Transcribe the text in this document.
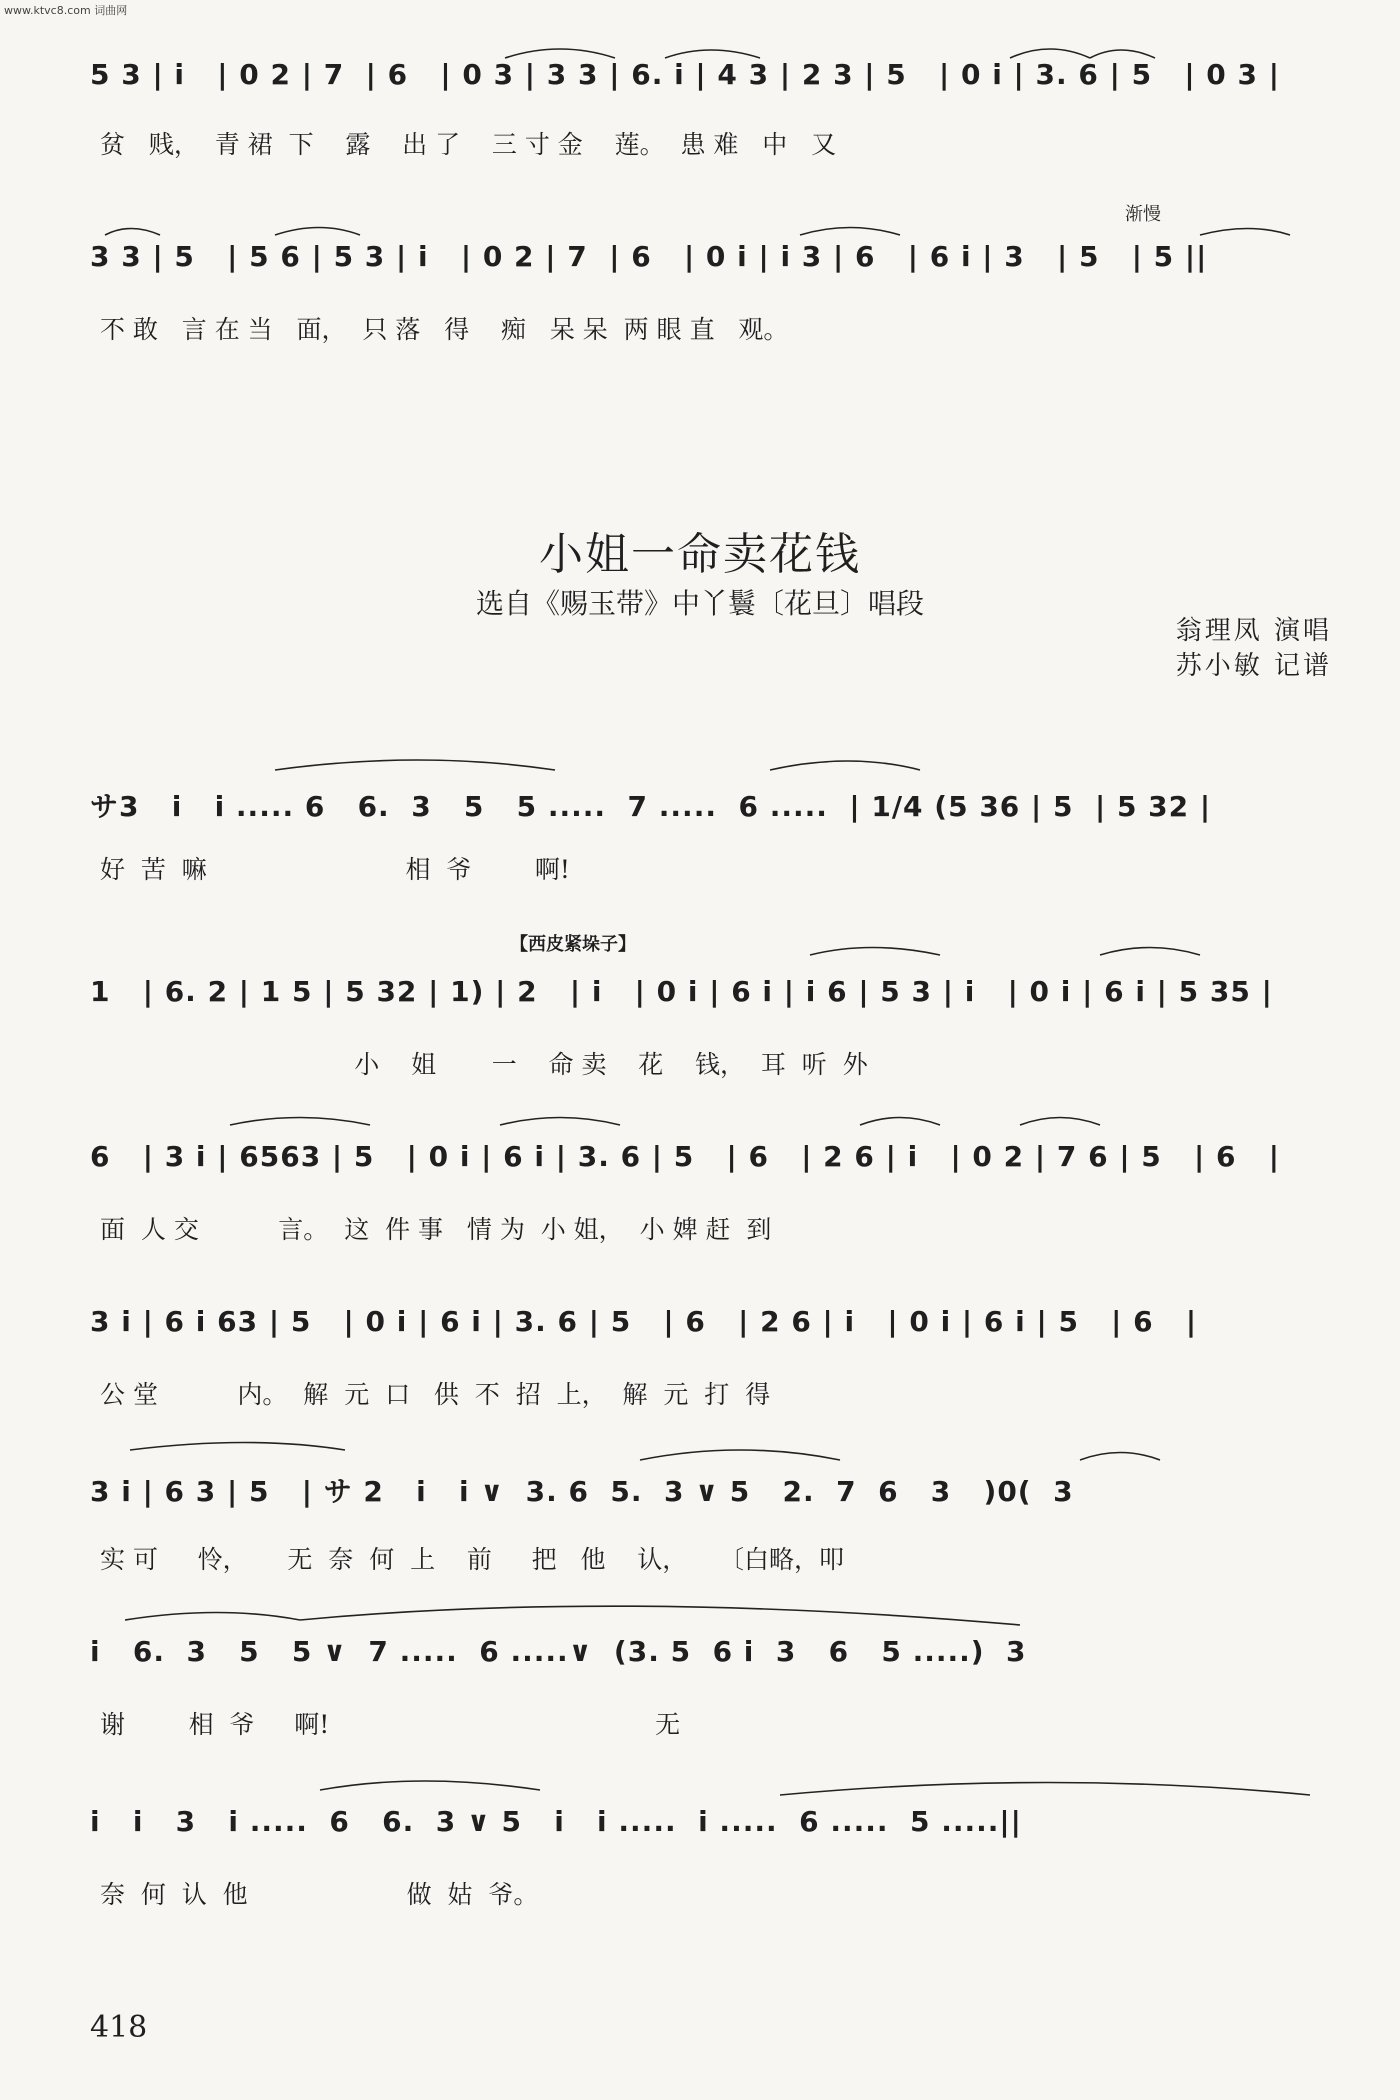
www.ktvc8.com 词曲网
5 3 | i   | 0 2 | 7  | 6   | 0 3 | 3 3 | 6. i | 4 3 | 2 3 | 5   | 0 i | 3. 6 | 5   | 0 3 |
贫   贱，  青 裙  下    露    出 了    三 寸 金    莲。  患 难   中   又
渐慢
3 3 | 5   | 5 6 | 5 3 | i   | 0 2 | 7  | 6   | 0 i | i 3 | 6   | 6 i | 3   | 5   | 5 ||
不 敢   言 在 当   面，  只 落   得    痴   呆 呆  两 眼 直   观。
小姐一命卖花钱
选自《赐玉带》中丫鬟〔花旦〕唱段
翁理凤 演唱
苏小敏 记谱
サ3   i   i ..... 6   6.  3   5   5 .....  7 .....  6 .....  | 1/4 (5 36 | 5  | 5 32 |
好  苦  嘛                         相  爷        啊!
【西皮紧垛子】
1   | 6. 2 | 1 5 | 5 32 | 1) | 2   | i   | 0 i | 6 i | i 6 | 5 3 | i   | 0 i | 6 i | 5 35 |
小    姐       一    命 卖    花    钱，  耳  听  外
6   | 3 i | 6563 | 5   | 0 i | 6 i | 3. 6 | 5   | 6   | 2 6 | i   | 0 2 | 7 6 | 5   | 6   |
面  人 交          言。  这  件 事   情 为  小 姐，  小 婢 赶  到
3 i | 6 i 63 | 5   | 0 i | 6 i | 3. 6 | 5   | 6   | 2 6 | i   | 0 i | 6 i | 5   | 6   |
公 堂          内。  解  元  口   供  不  招  上，  解  元  打  得
3 i | 6 3 | 5   | サ 2   i   i ∨  3. 6  5.  3 ∨ 5   2.  7  6   3   )0(  3
实 可     怜，     无  奈  何  上    前     把   他    认，    〔白略，叩
i   6.  3   5   5 ∨  7 .....  6 .....∨  (3. 5  6 i  3   6   5 .....)  3
谢        相  爷     啊!                                         无
i   i   3   i .....  6   6.  3 ∨ 5   i   i .....  i .....  6 .....  5 .....||
奈  何  认  他                    做  姑  爷。
418
